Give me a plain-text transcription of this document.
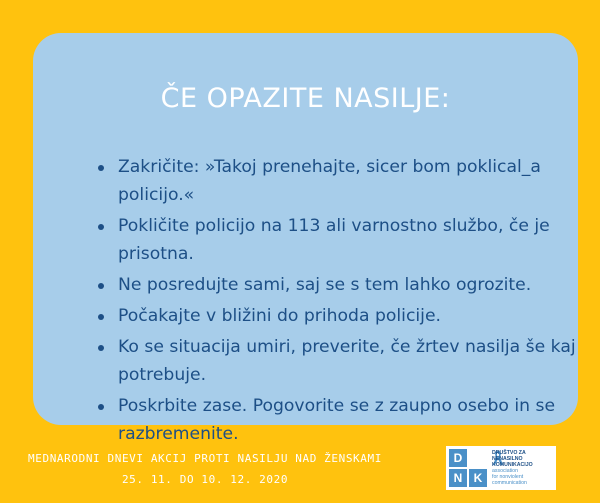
ČE OPAZITE NASILJE:
Zakričite: »Takoj prenehajte, sicer bom poklical_a policijo.«
Pokličite policijo na 113 ali varnostno službo, če je prisotna.
Ne posredujte sami, saj se s tem lahko ogrozite.
Počakajte v bližini do prihoda policije.
Ko se situacija umiri, preverite, če žrtev nasilja še kaj potrebuje.
Poskrbite zase. Pogovorite se z zaupno osebo in se razbremenite.
MEDNARODNI DNEVI AKCIJ PROTI NASILJU NAD ŽENSKAMI
25. 11. DO 10. 12. 2020
D
N K
DRUŠTVO ZA
NENASILNO
KOMUNIKACIJO
association
for nonviolent
communication
